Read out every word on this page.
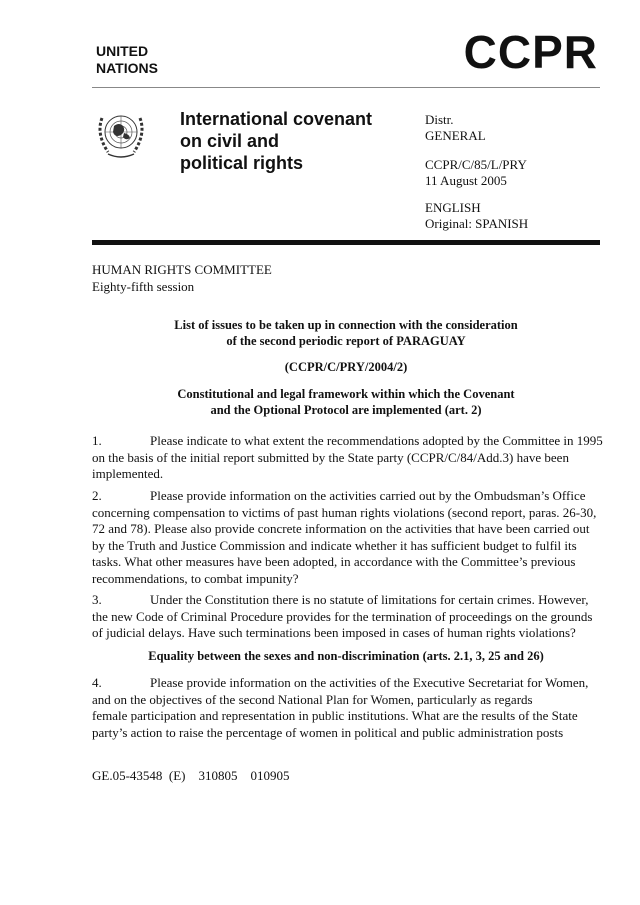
UNITED
NATIONS	CCPR
International covenant
on civil and
political rights
Distr.
GENERAL
CCPR/C/85/L/PRY
11 August 2005
ENGLISH
Original: SPANISH
HUMAN RIGHTS COMMITTEE
Eighty-fifth session
List of issues to be taken up in connection with the consideration
of the second periodic report of PARAGUAY
(CCPR/C/PRY/2004/2)
Constitutional and legal framework within which the Covenant
and the Optional Protocol are implemented (art. 2)
1.	Please indicate to what extent the recommendations adopted by the Committee in 1995
on the basis of the initial report submitted by the State party (CCPR/C/84/Add.3) have been
implemented.
2.	Please provide information on the activities carried out by the Ombudsman’s Office
concerning compensation to victims of past human rights violations (second report, paras. 26-30,
72 and 78). Please also provide concrete information on the activities that have been carried out
by the Truth and Justice Commission and indicate whether it has sufficient budget to fulfil its
tasks. What other measures have been adopted, in accordance with the Committee’s previous
recommendations, to combat impunity?
3.	Under the Constitution there is no statute of limitations for certain crimes. However,
the new Code of Criminal Procedure provides for the termination of proceedings on the grounds
of judicial delays. Have such terminations been imposed in cases of human rights violations?
Equality between the sexes and non-discrimination (arts. 2.1, 3, 25 and 26)
4.	Please provide information on the activities of the Executive Secretariat for Women,
and on the objectives of the second National Plan for Women, particularly as regards
female participation and representation in public institutions. What are the results of the State
party’s action to raise the percentage of women in political and public administration posts
GE.05-43548  (E)    310805    010905
